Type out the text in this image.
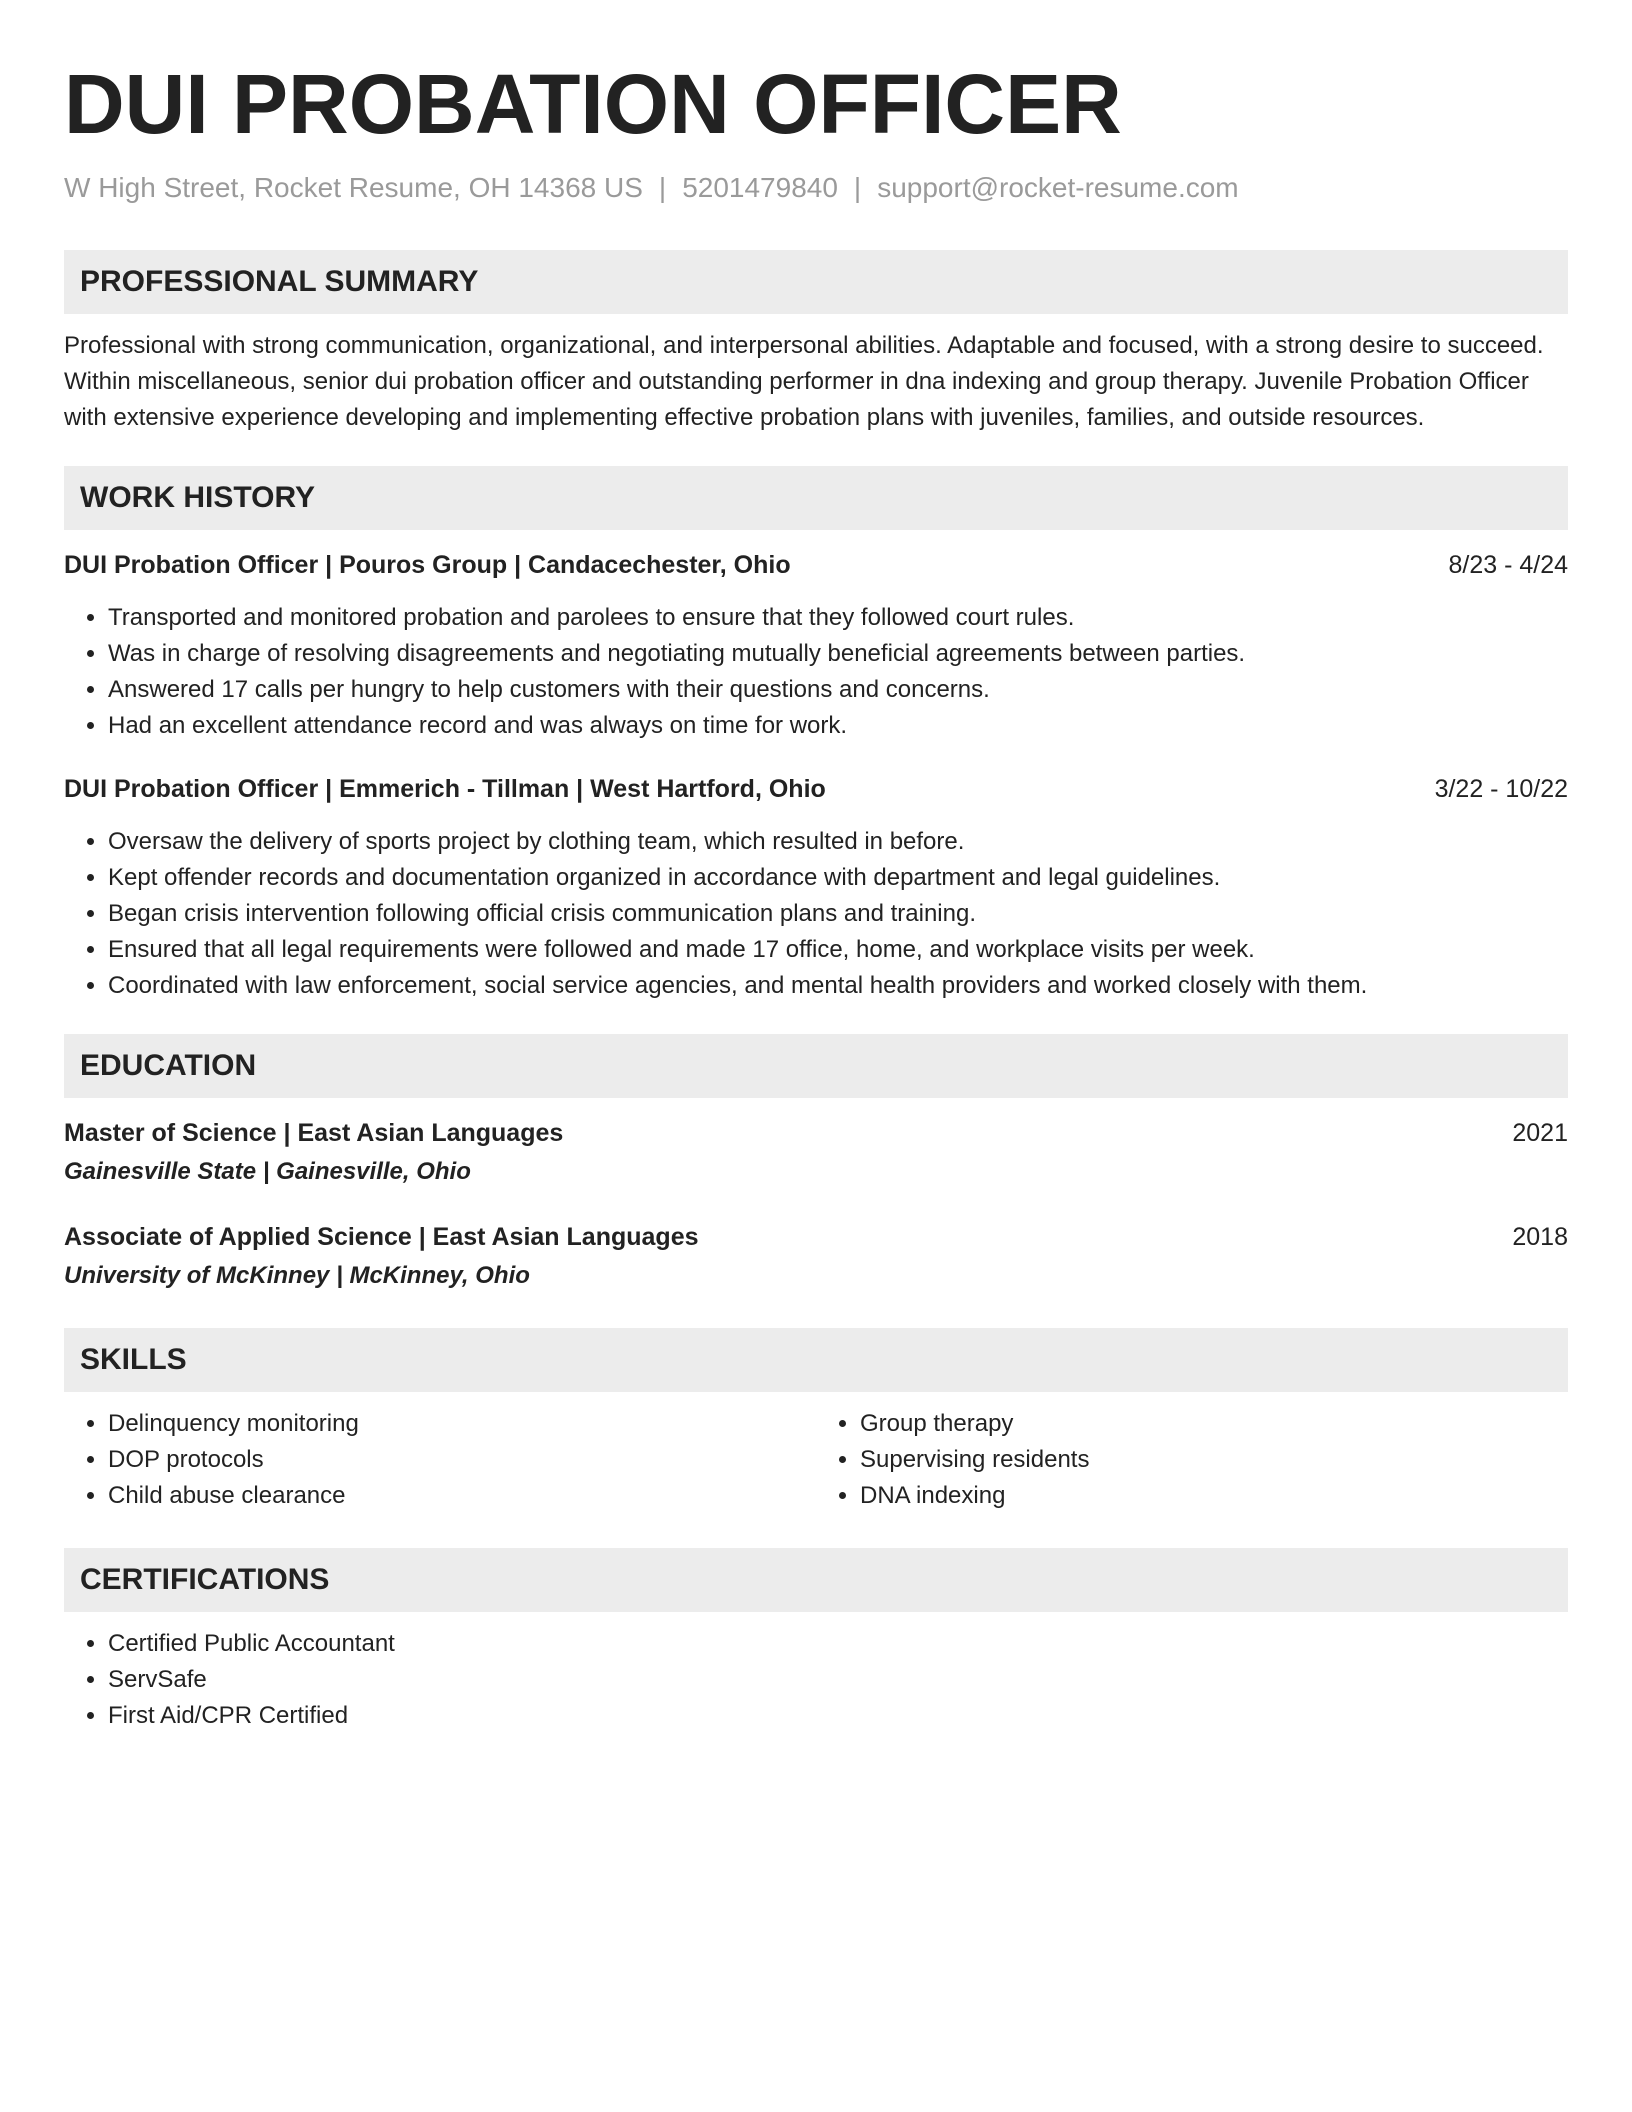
DUI PROBATION OFFICER
W High Street, Rocket Resume, OH 14368 US | 5201479840 | support@rocket-resume.com
PROFESSIONAL SUMMARY

Professional with strong communication, organizational, and interpersonal abilities. Adaptable and focused, with a strong desire to succeed. Within miscellaneous, senior dui probation officer and outstanding performer in dna indexing and group therapy. Juvenile Probation Officer with extensive experience developing and implementing effective probation plans with juveniles, families, and outside resources.

WORK HISTORY
DUI Probation Officer | Pouros Group | Candacechester, Ohio	8/23 - 4/24
• Transported and monitored probation and parolees to ensure that they followed court rules.
• Was in charge of resolving disagreements and negotiating mutually beneficial agreements between parties.
• Answered 17 calls per hungry to help customers with their questions and concerns.
• Had an excellent attendance record and was always on time for work.
DUI Probation Officer | Emmerich - Tillman | West Hartford, Ohio	3/22 - 10/22
• Oversaw the delivery of sports project by clothing team, which resulted in before.
• Kept offender records and documentation organized in accordance with department and legal guidelines.
• Began crisis intervention following official crisis communication plans and training.
• Ensured that all legal requirements were followed and made 17 office, home, and workplace visits per week.
• Coordinated with law enforcement, social service agencies, and mental health providers and worked closely with them.
EDUCATION
Master of Science | East Asian Languages	2021
Gainesville State | Gainesville, Ohio
Associate of Applied Science | East Asian Languages	2018
University of McKinney | McKinney, Ohio
SKILLS
• Delinquency monitoring
• DOP protocols
• Child abuse clearance
• Group therapy
• Supervising residents
• DNA indexing
CERTIFICATIONS
• Certified Public Accountant
• ServSafe
• First Aid/CPR Certified
